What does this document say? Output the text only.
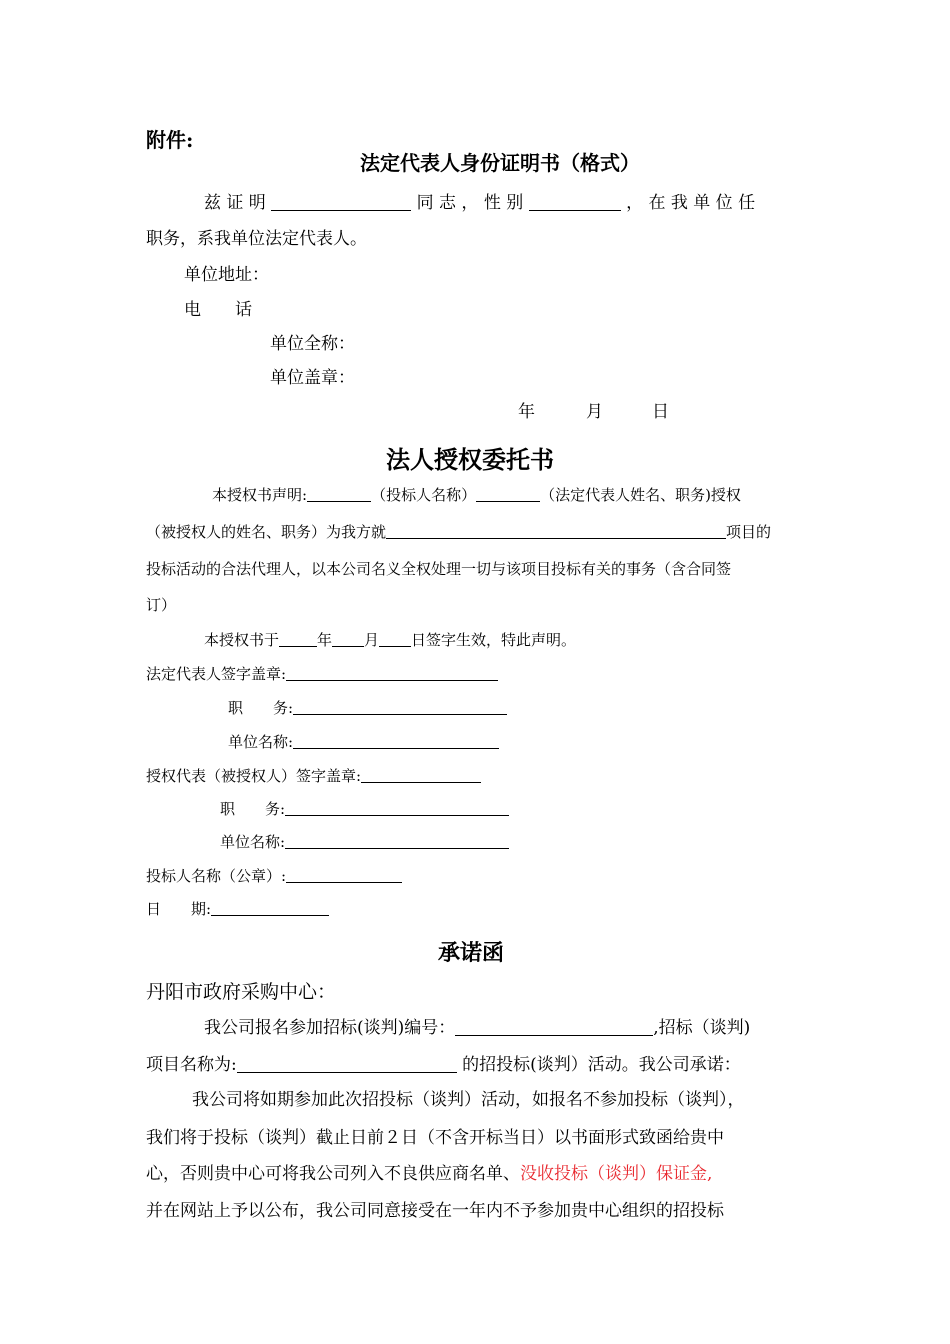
附件:
法定代表人身份证明书（格式）
兹 证 明	同 志 ， 性 别	， 在 我 单 位 任
职务，系我单位法定代表人。
单位地址：
电　　话
单位全称：
单位盖章：
年	月	日
法人授权委托书
本授权书声明:	（投标人名称）	（法定代表人姓名、职务)授权
（被授权人的姓名、职务）为我方就	项目的
投标活动的合法代理人，以本公司名义全权处理一切与该项目投标有关的事务（含合同签
订）
本授权书于	年 月 日签字生效，特此声明。
法定代表人签字盖章:
职　　务:
单位名称:
授权代表（被授权人）签字盖章:
职　　务:
单位名称:
投标人名称（公章）:
日　　期:
承诺函
丹阳市政府采购中心：
我公司报名参加招标(谈判)编号：	,招标（谈判)
项目名称为:	的招投标(谈判）活动。我公司承诺：
我公司将如期参加此次招投标（谈判）活动，如报名不参加投标（谈判），
我们将于投标（谈判）截止日前２日（不含开标当日）以书面形式致函给贵中
心，否则贵中心可将我公司列入不良供应商名单、没收投标（谈判）保证金,
并在网站上予以公布，我公司同意接受在一年内不予参加贵中心组织的招投标
